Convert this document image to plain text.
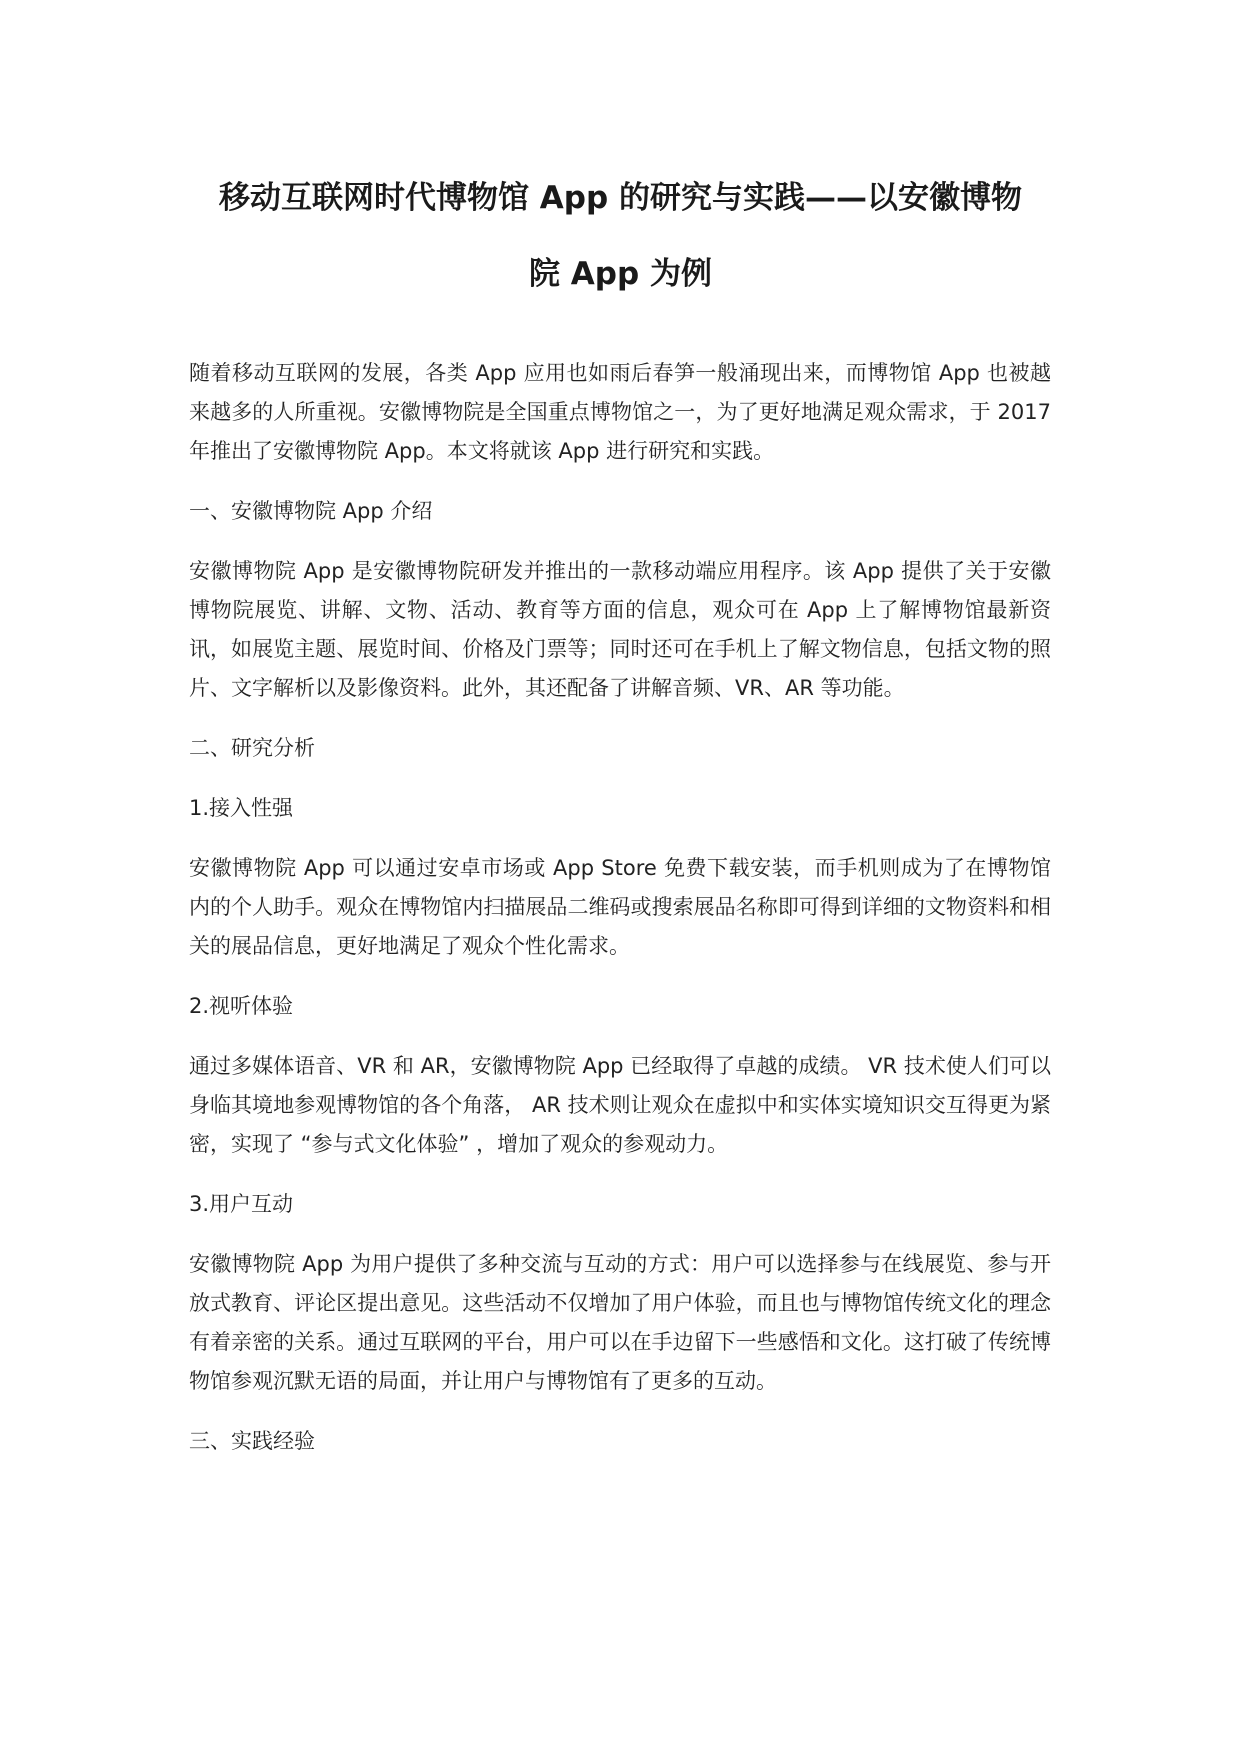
移动互联网时代博物馆 App 的研究与实践——以安徽博物
院 App 为例

随着移动互联网的发展，各类 App 应用也如雨后春笋一般涌现出来，而博物馆 App 也被越来越多的人所重视。安徽博物院是全国重点博物馆之一，为了更好地满足观众需求，于 2017 年推出了安徽博物院 App。本文将就该 App 进行研究和实践。

一、安徽博物院 App 介绍

安徽博物院 App 是安徽博物院研发并推出的一款移动端应用程序。该 App 提供了关于安徽博物院展览、讲解、文物、活动、教育等方面的信息，观众可在 App 上了解博物馆最新资讯，如展览主题、展览时间、价格及门票等；同时还可在手机上了解文物信息，包括文物的照片、文字解析以及影像资料。此外，其还配备了讲解音频、VR、AR 等功能。

二、研究分析

1.接入性强

安徽博物院 App 可以通过安卓市场或 App Store 免费下载安装，而手机则成为了在博物馆内的个人助手。观众在博物馆内扫描展品二维码或搜索展品名称即可得到详细的文物资料和相关的展品信息，更好地满足了观众个性化需求。

2.视听体验

通过多媒体语音、VR 和 AR，安徽博物院 App 已经取得了卓越的成绩。 VR 技术使人们可以身临其境地参观博物馆的各个角落， AR 技术则让观众在虚拟中和实体实境知识交互得更为紧密，实现了 “参与式文化体验” ，增加了观众的参观动力。

3.用户互动

安徽博物院 App 为用户提供了多种交流与互动的方式：用户可以选择参与在线展览、参与开放式教育、评论区提出意见。这些活动不仅增加了用户体验，而且也与博物馆传统文化的理念有着亲密的关系。通过互联网的平台，用户可以在手边留下一些感悟和文化。这打破了传统博物馆参观沉默无语的局面，并让用户与博物馆有了更多的互动。

三、实践经验
